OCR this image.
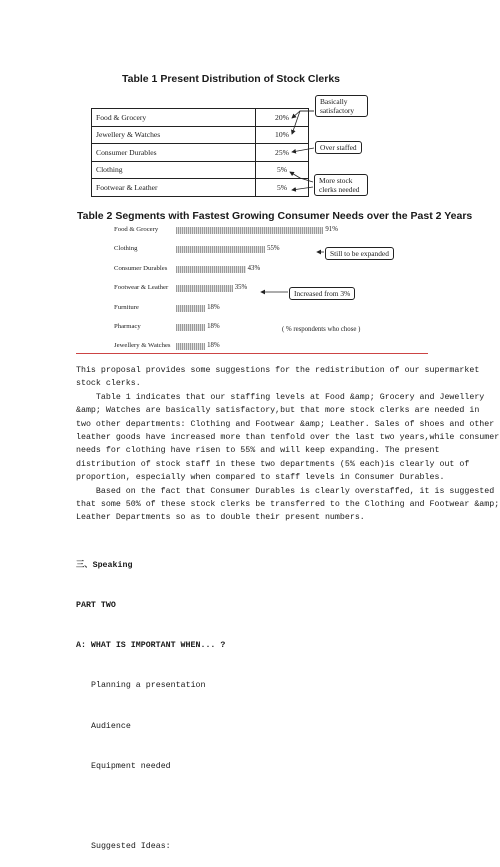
Table 1 Present Distribution of Stock Clerks
Food & Grocery	20%
Jewellery & Watches	10%
Consumer Durables	25%
Clothing	5%
Footwear & Leather	5%
Basically satisfactory
Over staffed
More stock clerks needed
Table 2 Segments with Fastest Growing Consumer Needs over the Past 2 Years
Food & Grocery	91%
Clothing	55%
Consumer Durables	43%
Footwear & Leather	35%
Furniture	18%
Pharmacy	18%
Jewellery & Watches	18%
Still to be expanded
Increased from 3%
( % respondents who chose )
This proposal provides some suggestions for the redistribution of our supermarket
stock clerks.
Table 1 indicates that our staffing levels at Food &amp; Grocery and Jewellery
&amp; Watches are basically satisfactory,but that more stock clerks are needed in
two other departments: Clothing and Footwear &amp; Leather. Sales of shoes and other
leather goods have increased more than tenfold over the last two years,while consumer
needs for clothing have risen to 55% and will keep expanding. The present
distribution of stock staff in these two departments (5% each)is clearly out of
proportion, especially when compared to staff levels in Consumer Durables.
Based on the fact that Consumer Durables is clearly overstaffed, it is suggested
that some 50% of these stock clerks be transferred to the Clothing and Footwear &amp;
Leather Departments so as to double their present numbers.

三、Speaking

PART TWO

A: WHAT IS IMPORTANT WHEN... ?

Planning a presentation

Audience

Equipment needed

Suggested Ideas:
